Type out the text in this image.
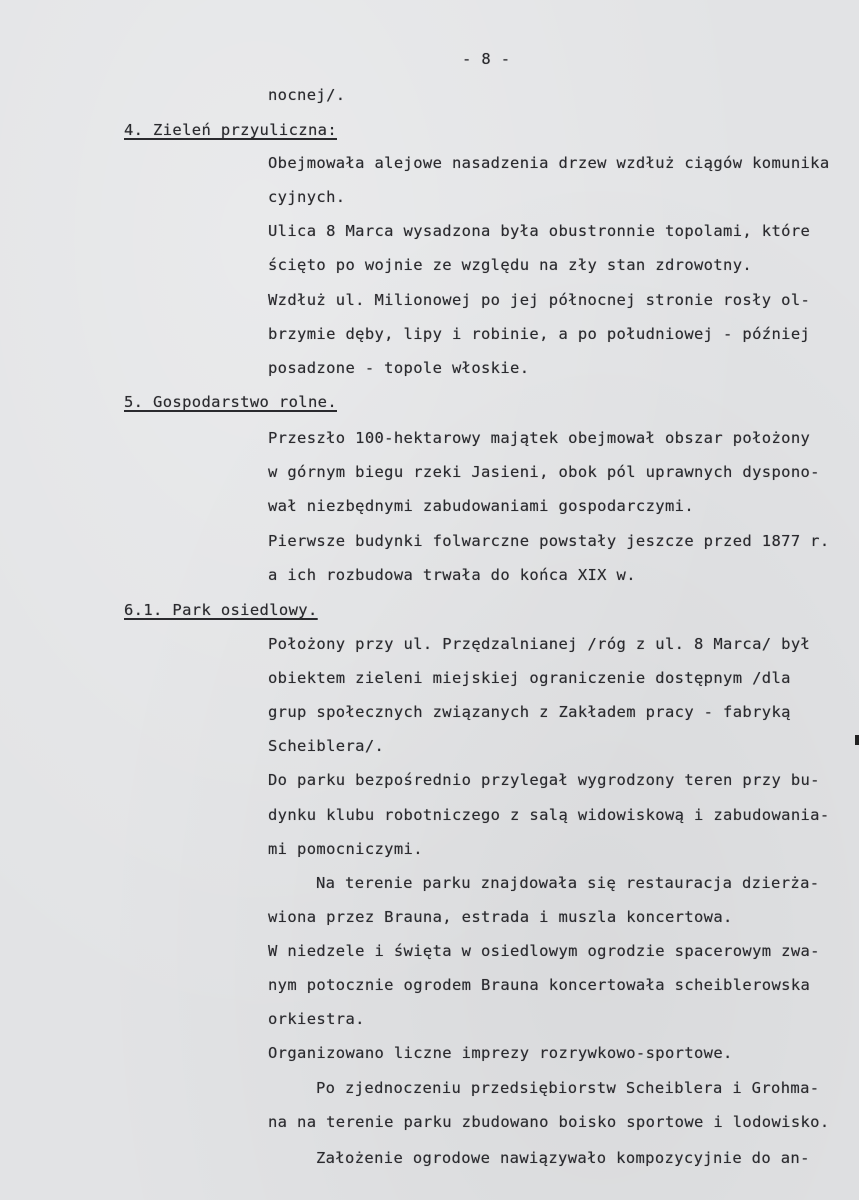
- 8 -
nocnej/.
4. Zieleń przyuliczna:
Obejmowała alejowe nasadzenia drzew wzdłuż ciągów komunika
cyjnych.
Ulica 8 Marca wysadzona była obustronnie topolami, które
ścięto po wojnie ze względu na zły stan zdrowotny.
Wzdłuż ul. Milionowej po jej północnej stronie rosły ol-
brzymie dęby, lipy i robinie, a po południowej - później
posadzone - topole włoskie.
5. Gospodarstwo rolne.
Przeszło 100-hektarowy majątek obejmował obszar położony
w górnym biegu rzeki Jasieni, obok pól uprawnych dyspono-
wał niezbędnymi zabudowaniami gospodarczymi.
Pierwsze budynki folwarczne powstały jeszcze przed 1877 r.
a ich rozbudowa trwała do końca XIX w.
6.1. Park osiedlowy.
Położony przy ul. Przędzalnianej /róg z ul. 8 Marca/ był
obiektem zieleni miejskiej ograniczenie dostępnym /dla
grup społecznych związanych z Zakładem pracy - fabryką
Scheiblera/.
Do parku bezpośrednio przylegał wygrodzony teren przy bu-
dynku klubu robotniczego z salą widowiskową i zabudowania-
mi pomocniczymi.
Na terenie parku znajdowała się restauracja dzierża-
wiona przez Brauna, estrada i muszla koncertowa.
W niedzele i święta w osiedlowym ogrodzie spacerowym zwa-
nym potocznie ogrodem Brauna koncertowała scheiblerowska
orkiestra.
Organizowano liczne imprezy rozrywkowo-sportowe.
Po zjednoczeniu przedsiębiorstw Scheiblera i Grohma-
na na terenie parku zbudowano boisko sportowe i lodowisko.
Założenie ogrodowe nawiązywało kompozycyjnie do an-
